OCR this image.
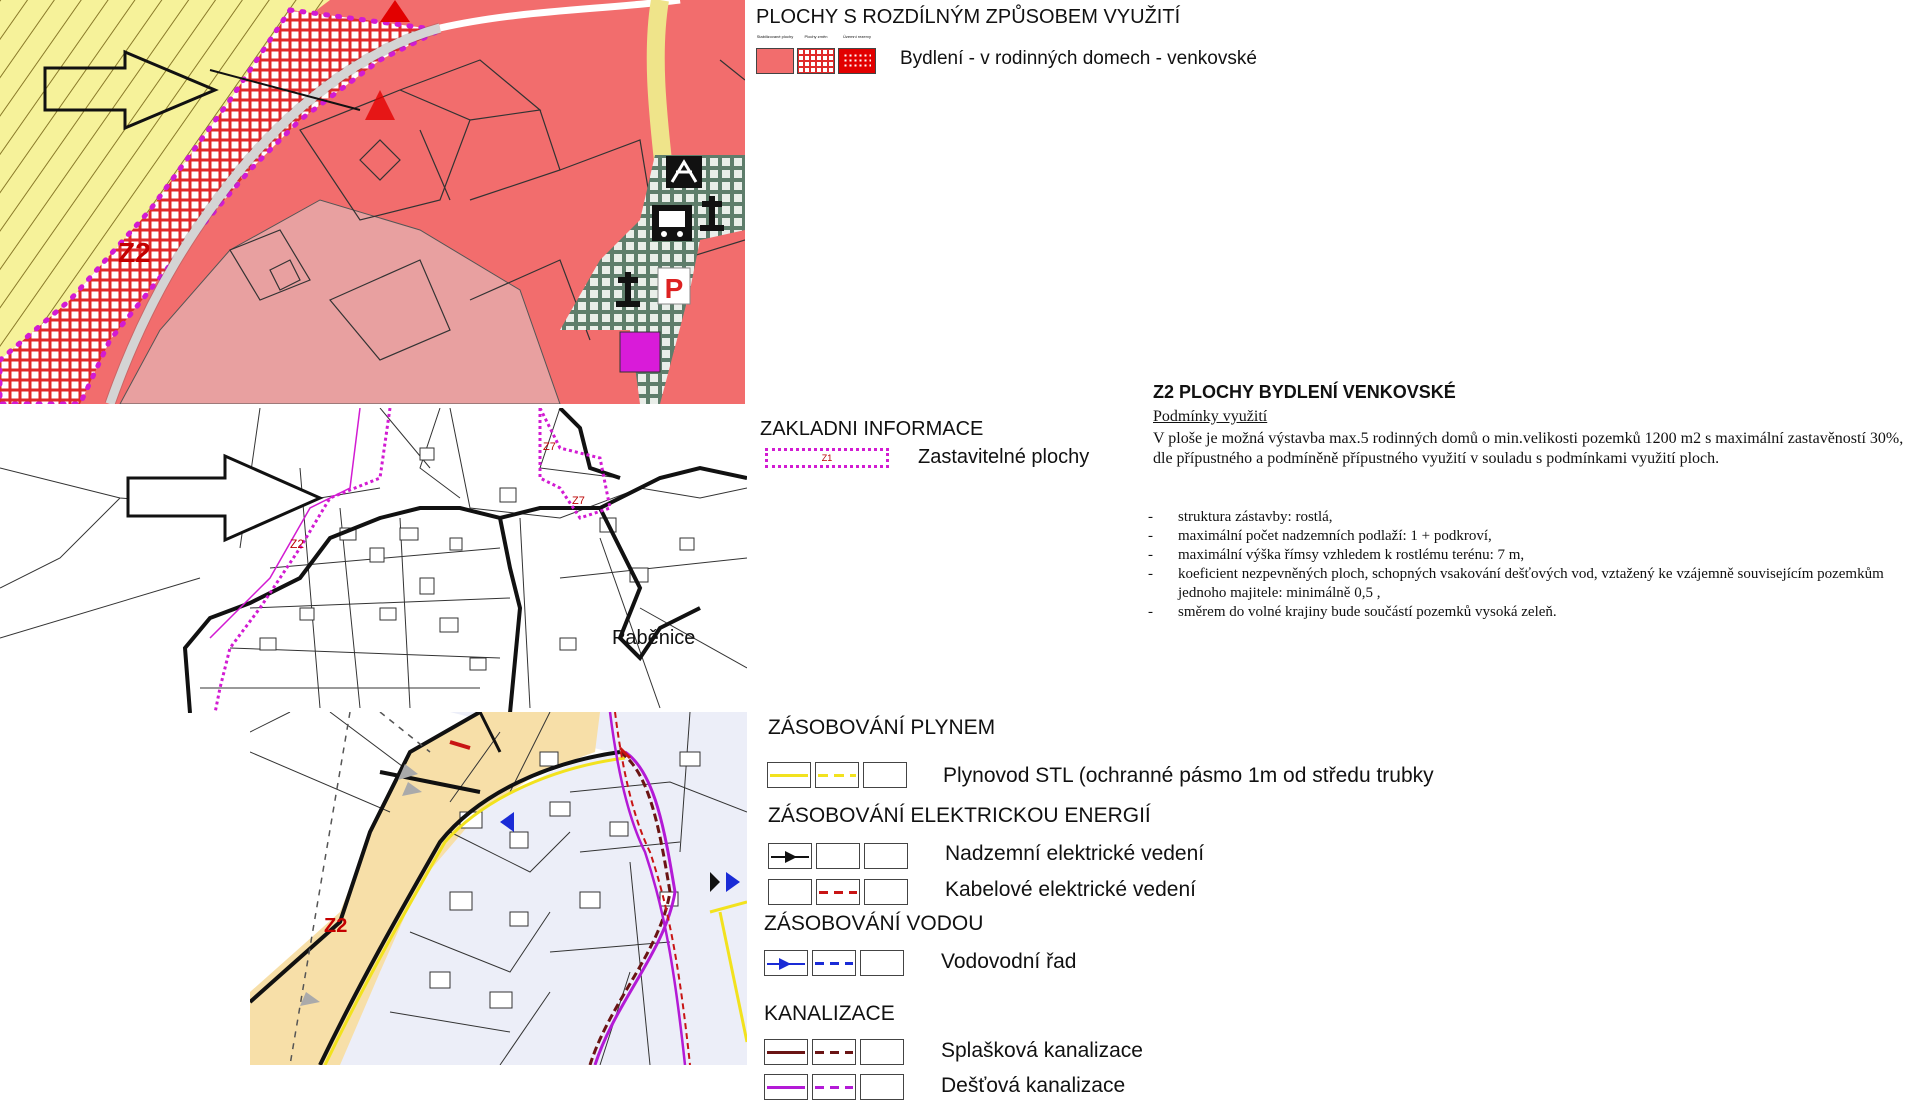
P
Z2
PLOCHY S ROZDÍLNÝM ZPŮSOBEM VYUŽITÍ
Stabilizované plochy	Plochy změn	Územní rezervy
Bydlení - v rodinných domech - venkovské
Z2
Z7
Z7
Paběnice
ZAKLADNI INFORMACE
Z1	Zastavitelné plochy
Z2 PLOCHY BYDLENÍ VENKOVSKÉ
Podmínky využití
V ploše je možná výstavba max.5 rodinných domů o min.velikosti pozemků 1200 m2 s maximální zastavěností 30%, dle přípustného a podmíněně přípustného využití v souladu s podmínkami využití ploch.
- struktura zástavby: rostlá,
- maximální počet nadzemních podlaží: 1 + podkroví,
- maximální výška římsy vzhledem k rostlému terénu: 7 m,
- koeficient nezpevněných ploch, schopných vsakování dešťových vod, vztažený ke vzájemně souvisejícím pozemkům jednoho majitele: minimálně 0,5 ,
- směrem do volné krajiny bude součástí pozemků vysoká zeleň.
Z2
ZÁSOBOVÁNÍ PLYNEM
Plynovod STL (ochranné pásmo 1m od středu trubky
ZÁSOBOVÁNÍ ELEKTRICKOU ENERGIÍ
Nadzemní elektrické vedení
Kabelové elektrické vedení
ZÁSOBOVÁNÍ VODOU
Vodovodní řad
KANALIZACE
Splašková kanalizace
Dešťová kanalizace
